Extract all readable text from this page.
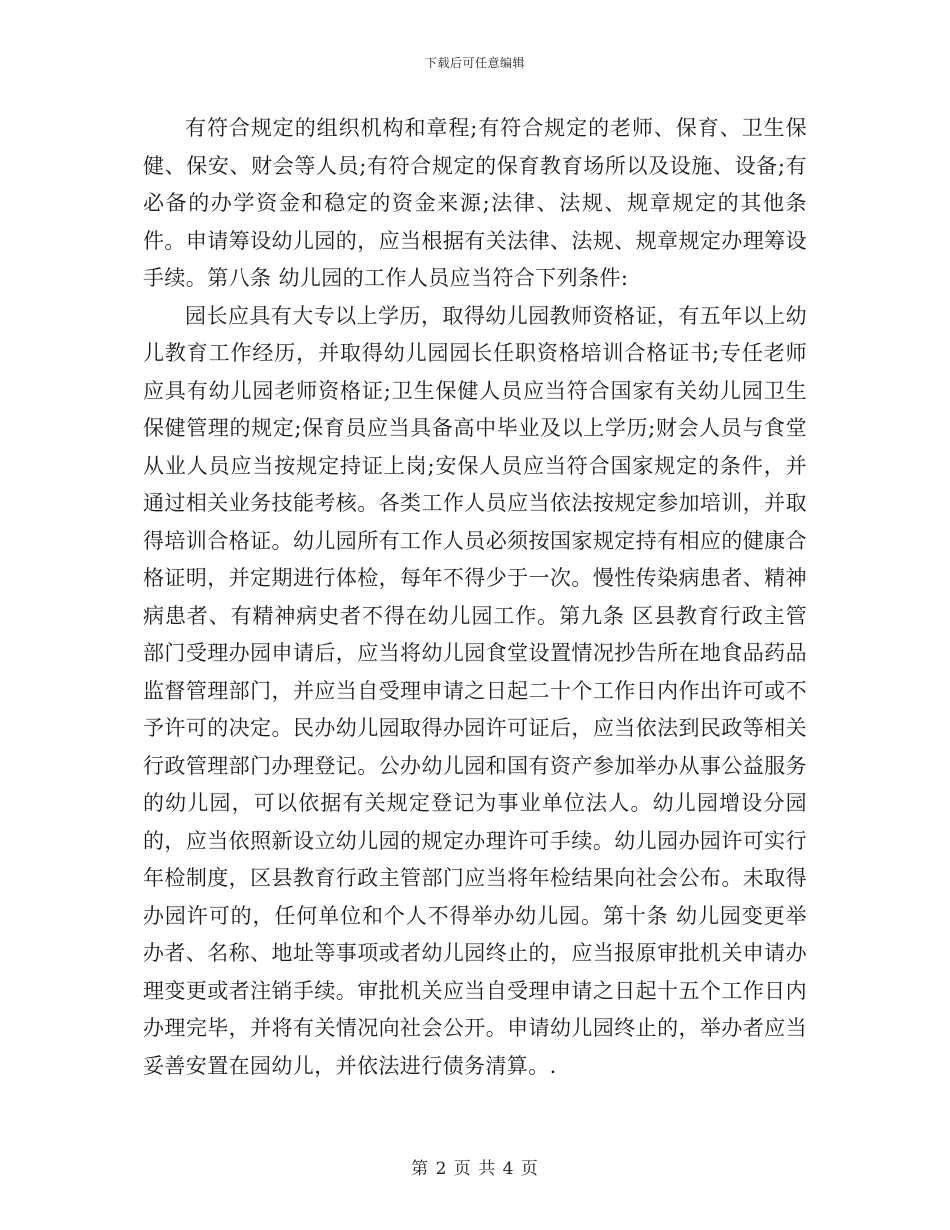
下载后可任意编辑

有符合规定的组织机构和章程;有符合规定的老师、保育、卫生保健、保安、财会等人员;有符合规定的保育教育场所以及设施、设备;有必备的办学资金和稳定的资金来源;法律、法规、规章规定的其他条件。申请筹设幼儿园的，应当根据有关法律、法规、规章规定办理筹设手续。第八条 幼儿园的工作人员应当符合下列条件:

园长应具有大专以上学历，取得幼儿园教师资格证，有五年以上幼儿教育工作经历，并取得幼儿园园长任职资格培训合格证书;专任老师应具有幼儿园老师资格证;卫生保健人员应当符合国家有关幼儿园卫生保健管理的规定;保育员应当具备高中毕业及以上学历;财会人员与食堂从业人员应当按规定持证上岗;安保人员应当符合国家规定的条件，并通过相关业务技能考核。各类工作人员应当依法按规定参加培训，并取得培训合格证。幼儿园所有工作人员必须按国家规定持有相应的健康合格证明，并定期进行体检，每年不得少于一次。慢性传染病患者、精神病患者、有精神病史者不得在幼儿园工作。第九条 区县教育行政主管部门受理办园申请后，应当将幼儿园食堂设置情况抄告所在地食品药品监督管理部门，并应当自受理申请之日起二十个工作日内作出许可或不予许可的决定。民办幼儿园取得办园许可证后，应当依法到民政等相关行政管理部门办理登记。公办幼儿园和国有资产参加举办从事公益服务的幼儿园，可以依据有关规定登记为事业单位法人。幼儿园增设分园的，应当依照新设立幼儿园的规定办理许可手续。幼儿园办园许可实行年检制度，区县教育行政主管部门应当将年检结果向社会公布。未取得办园许可的，任何单位和个人不得举办幼儿园。第十条 幼儿园变更举办者、名称、地址等事项或者幼儿园终止的，应当报原审批机关申请办理变更或者注销手续。审批机关应当自受理申请之日起十五个工作日内办理完毕，并将有关情况向社会公开。申请幼儿园终止的，举办者应当妥善安置在园幼儿，并依法进行债务清算。.

第 2 页 共 4 页
